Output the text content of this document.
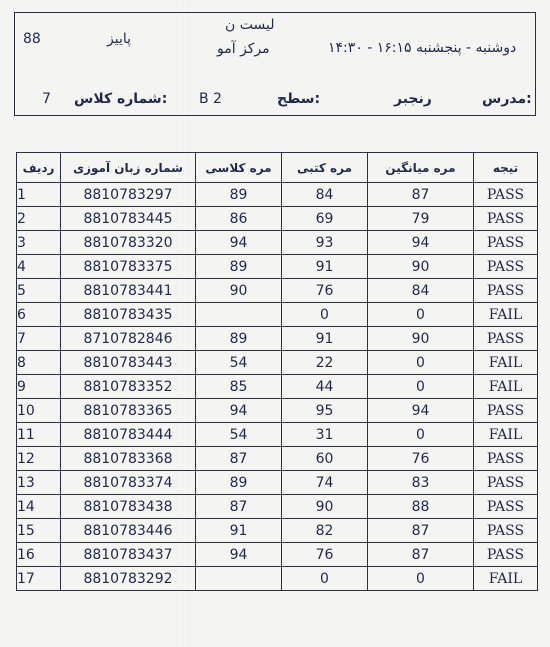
88	پاییز
لیست ن
مرکز آمو	دوشنبه - پنجشنبه ۱۶:۱۵ - ۱۴:۳۰
7 شماره کلاس: B 2	سطح:	رنجبر	مدرس:
ردیف	شماره زبان آموزی	مره کلاسی	مره کتبی	مره میانگین	تیجه
1	8810783297	89	84	87	PASS
2	8810783445	86	69	79	PASS
3	8810783320	94	93	94	PASS
4	8810783375	89	91	90	PASS
5	8810783441	90	76	84	PASS
6	8810783435		0	0	FAIL
7	8710782846	89	91	90	PASS
8	8810783443	54	22	0	FAIL
9	8810783352	85	44	0	FAIL
10	8810783365	94	95	94	PASS
11	8810783444	54	31	0	FAIL
12	8810783368	87	60	76	PASS
13	8810783374	89	74	83	PASS
14	8810783438	87	90	88	PASS
15	8810783446	91	82	87	PASS
16	8810783437	94	76	87	PASS
17	8810783292		0	0	FAIL
